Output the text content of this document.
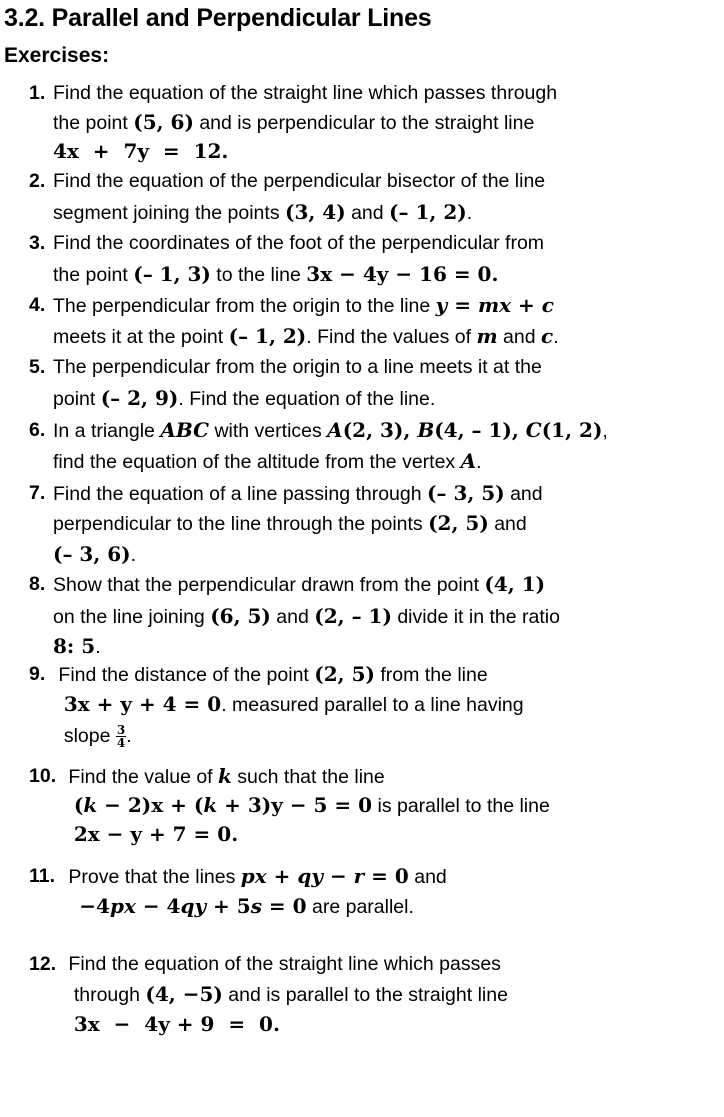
3.2. Parallel and Perpendicular Lines
Exercises:
1. Find the equation of the straight line which passes through
the point (5, 6) and is perpendicular to the straight line
4x  +  7y  =  12.
2. Find the equation of the perpendicular bisector of the line
segment joining the points (3, 4) and (– 1, 2).
3. Find the coordinates of the foot of the perpendicular from
the point (– 1, 3) to the line 3x − 4y − 16 = 0.
4. The perpendicular from the origin to the line y = mx + c
meets it at the point (– 1, 2). Find the values of m and c.
5. The perpendicular from the origin to a line meets it at the
point (– 2, 9). Find the equation of the line.
6. In a triangle ABC with vertices A(2, 3), B(4, – 1), C(1, 2),
find the equation of the altitude from the vertex A.
7. Find the equation of a line passing through (– 3, 5) and
perpendicular to the line through the points (2, 5) and
(– 3, 6).
8. Show that the perpendicular drawn from the point (4, 1)
on the line joining (6, 5) and (2, – 1) divide it in the ratio
8: 5.
9. Find the distance of the point (2, 5) from the line
3x + y + 4 = 0. measured parallel to a line having
slope $\frac{3}{4}$ .
10. Find the value of k such that the line
(k − 2)x + (k + 3)y − 5 = 0 is parallel to the line
2x − y + 7 = 0.
11. Prove that the lines px + qy − r = 0 and
−4px − 4qy + 5s = 0 are parallel.
12. Find the equation of the straight line which passes
through (4, −5) and is parallel to the straight line
3x  −  4y + 9  =  0.
